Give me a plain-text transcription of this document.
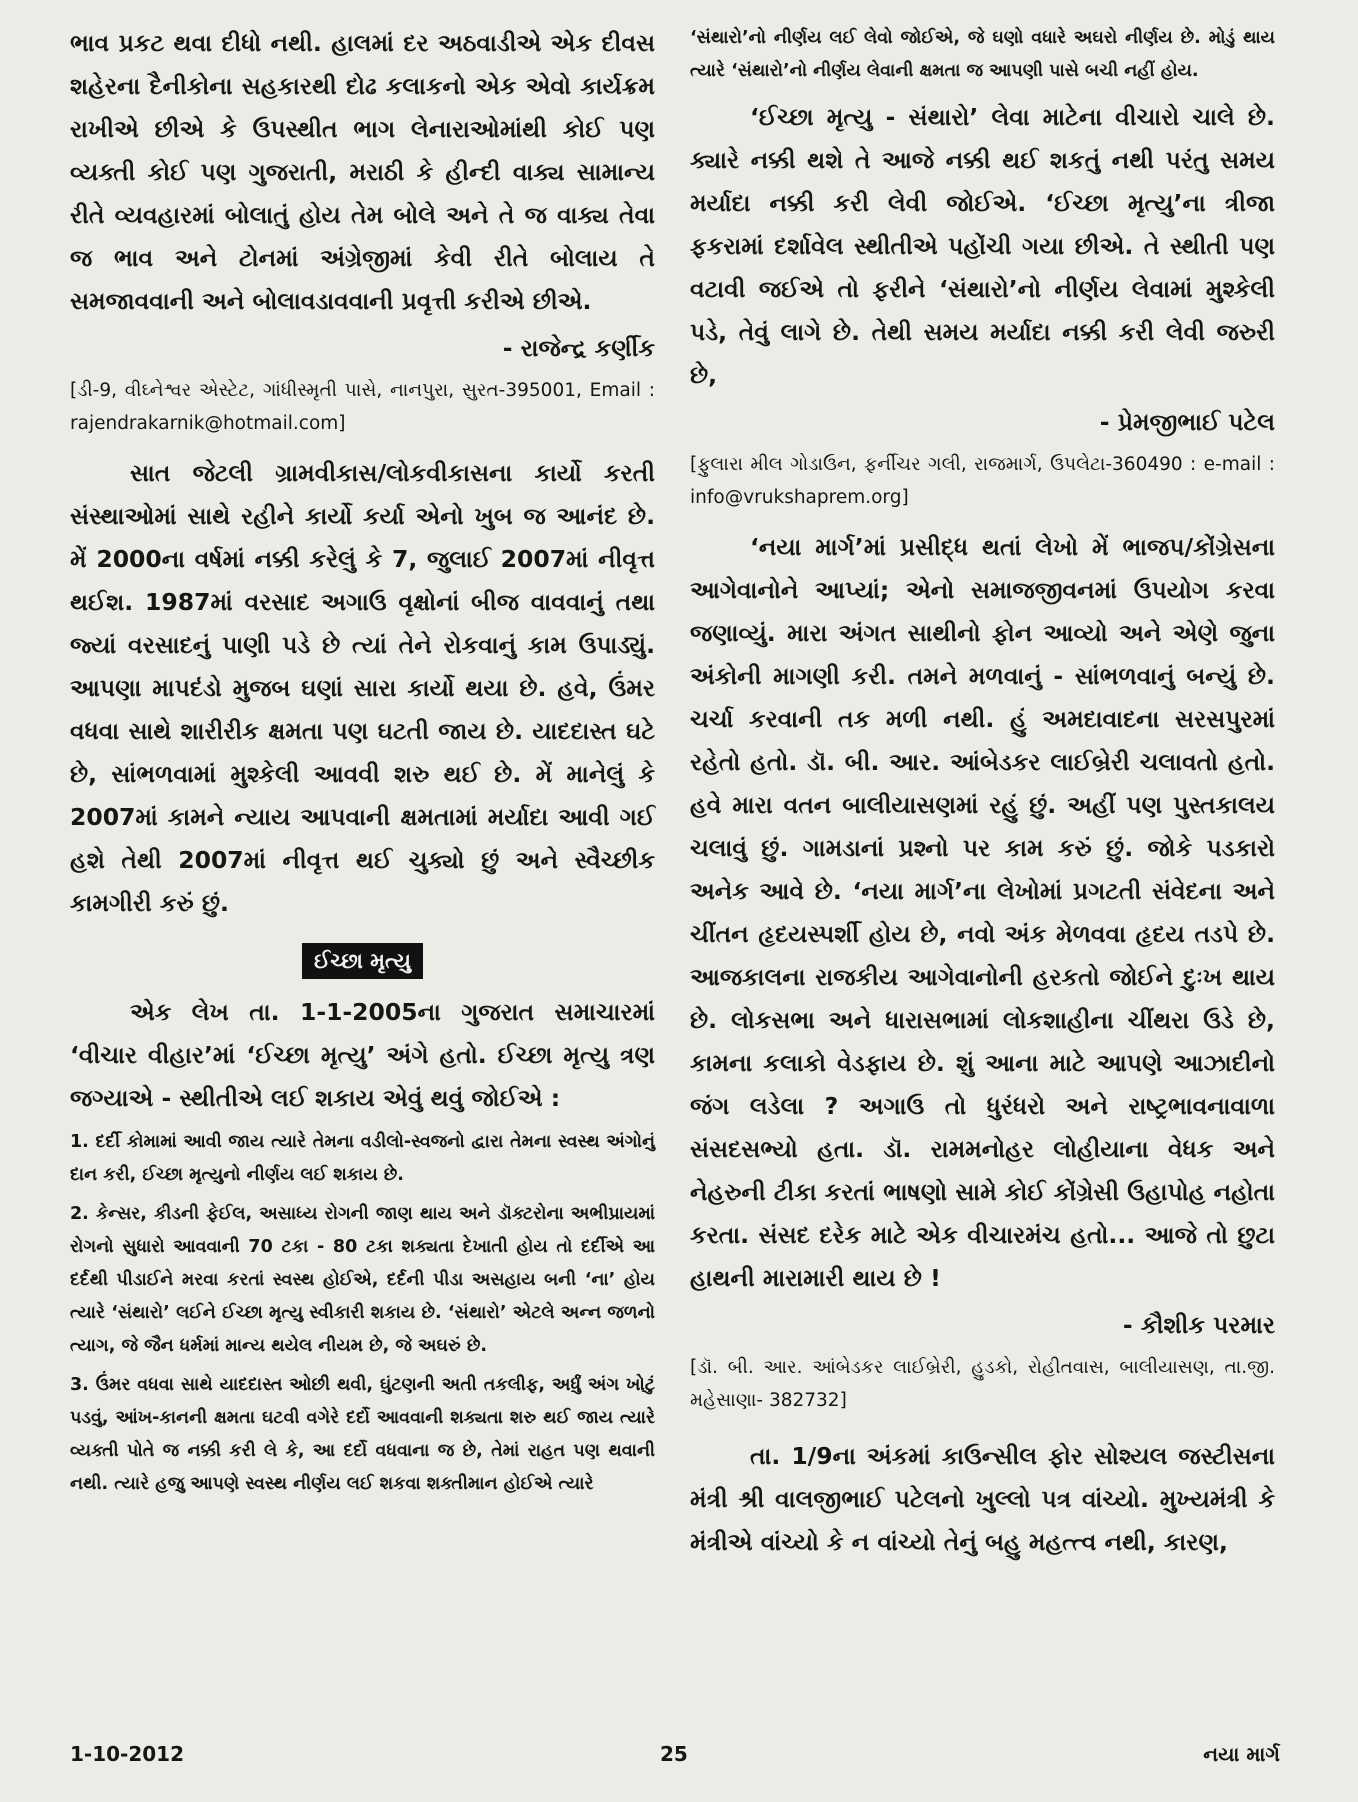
ભાવ પ્રકટ થવા દીધો નથી. હાલમાં દર અઠવાડીએ એક દીવસ શહેરના દૈનીકોના સહકારથી દોઢ કલાકનો એક એવો કાર્યક્રમ રાખીએ છીએ કે ઉપસ્થીત ભાગ લેનારાઓમાંથી કોઈ પણ વ્યક્તી કોઈ પણ ગુજરાતી, મરાઠી કે હીન્દી વાક્ય સામાન્ય રીતે વ્યવહારમાં બોલાતું હોય તેમ બોલે અને તે જ વાક્ય તેવા જ ભાવ અને ટોનમાં અંગ્રેજીમાં કેવી રીતે બોલાય તે સમજાવવાની અને બોલાવડાવવાની પ્રવૃત્તી કરીએ છીએ.

- રાજેન્દ્ર કર્ણીક

[ડી-9, વીઘ્નેશ્વર એસ્ટેટ, ગાંધીસ્મૃતી પાસે, નાનપુરા, સુરત-395001, Email : rajendrakarnik@hotmail.com]

સાત જેટલી ગ્રામવીકાસ/લોકવીકાસના કાર્યો કરતી સંસ્થાઓમાં સાથે રહીને કાર્યો કર્યા એનો ખુબ જ આનંદ છે. મેં 2000ના વર્ષમાં નક્કી કરેલું કે 7, જુલાઈ 2007માં નીવૃત્ત થઈશ. 1987માં વરસાદ અગાઉ વૃક્ષોનાં બીજ વાવવાનું તથા જ્યાં વરસાદનું પાણી પડે છે ત્યાં તેને રોકવાનું કામ ઉપાડ્યું. આપણા માપદંડો મુજબ ઘણાં સારા કાર્યો થયા છે. હવે, ઉંમર વધવા સાથે શારીરીક ક્ષમતા પણ ઘટતી જાય છે. યાદદાસ્ત ઘટે છે, સાંભળવામાં મુશ્કેલી આવવી શરુ થઈ છે. મેં માનેલું કે 2007માં કામને ન્યાય આપવાની ક્ષમતામાં મર્યાદા આવી ગઈ હશે તેથી 2007માં નીવૃત્ત થઈ ચુક્યો છું અને સ્વૈચ્છીક કામગીરી કરું છું.

ઈચ્છા મૃત્યુ

એક લેખ તા. 1-1-2005ના ગુજરાત સમાચારમાં ‘વીચાર વીહાર’માં ‘ઈચ્છા મૃત્યુ’ અંગે હતો. ઈચ્છા મૃત્યુ ત્રણ જગ્યાએ - સ્થીતીએ લઈ શકાય એવું થવું જોઈએ :

1. દર્દી કોમામાં આવી જાય ત્યારે તેમના વડીલો-સ્વજનો દ્વારા તેમના સ્વસ્થ અંગોનું દાન કરી, ઈચ્છા મૃત્યુનો નીર્ણય લઈ શકાય છે.

2. કેન્સર, કીડની ફેઈલ, અસાધ્ય રોગની જાણ થાય અને ડૉક્ટરોના અભીપ્રાયમાં રોગનો સુધારો આવવાની 70 ટકા - 80 ટકા શક્યતા દેખાતી હોય તો દર્દીએ આ દર્દથી પીડાઈને મરવા કરતાં સ્વસ્થ હોઈએ, દર્દની પીડા અસહાય બની ‘ના’ હોય ત્યારે ‘સંથારો’ લઈને ઈચ્છા મૃત્યુ સ્વીકારી શકાય છે. ‘સંથારો’ એટલે અન્ન જળનો ત્યાગ, જે જૈન ધર્મમાં માન્ય થયેલ નીયમ છે, જે અઘરું છે.

3. ઉંમર વધવા સાથે યાદદાસ્ત ઓછી થવી, ઘુંટણની અતી તકલીફ, અર્ધું અંગ ખોટું પડવું, આંખ-કાનની ક્ષમતા ઘટવી વગેરે દર્દો આવવાની શક્યતા શરુ થઈ જાય ત્યારે વ્યક્તી પોતે જ નક્કી કરી લે કે, આ દર્દો વધવાના જ છે, તેમાં રાહત પણ થવાની નથી. ત્યારે હજુ આપણે સ્વસ્થ નીર્ણય લઈ શકવા શક્તીમાન હોઈએ ત્યારે

‘સંથારો’નો નીર્ણય લઈ લેવો જોઈએ, જે ઘણો વધારે અઘરો નીર્ણય છે. મોડું થાય ત્યારે ‘સંથારો’નો નીર્ણય લેવાની ક્ષમતા જ આપણી પાસે બચી નહીં હોય.

‘ઈચ્છા મૃત્યુ - સંથારો’ લેવા માટેના વીચારો ચાલે છે. ક્યારે નક્કી થશે તે આજે નક્કી થઈ શકતું નથી પરંતુ સમય મર્યાદા નક્કી કરી લેવી જોઈએ. ‘ઈચ્છા મૃત્યુ’ના ત્રીજા ફકરામાં દર્શાવેલ સ્થીતીએ પહોંચી ગયા છીએ. તે સ્થીતી પણ વટાવી જઈએ તો ફરીને ‘સંથારો’નો નીર્ણય લેવામાં મુશ્કેલી પડે, તેવું લાગે છે. તેથી સમય મર્યાદા નક્કી કરી લેવી જરુરી છે,

- પ્રેમજીભાઈ પટેલ

[ફુલારા મીલ ગોડાઉન, ફર્નીચર ગલી, રાજમાર્ગ, ઉપલેટા-360490 : e-mail : info@vrukshaprem.org]

‘નયા માર્ગ’માં પ્રસીદ્ધ થતાં લેખો મેં ભાજપ/કોંગ્રેસના આગેવાનોને આપ્યાં; એનો સમાજજીવનમાં ઉપયોગ કરવા જણાવ્યું. મારા અંગત સાથીનો ફોન આવ્યો અને એણે જુના અંકોની માગણી કરી. તમને મળવાનું - સાંભળવાનું બન્યું છે. ચર્ચા કરવાની તક મળી નથી. હું અમદાવાદના સરસપુરમાં રહેતો હતો. ડૉ. બી. આર. આંબેડકર લાઈબ્રેરી ચલાવતો હતો. હવે મારા વતન બાલીયાસણમાં રહું છું. અહીં પણ પુસ્તકાલય ચલાવું છું. ગામડાનાં પ્રશ્નો પર કામ કરું છું. જોકે પડકારો અનેક આવે છે. ‘નયા માર્ગ’ના લેખોમાં પ્રગટતી સંવેદના અને ચીંતન હૃદયસ્પર્શી હોય છે, નવો અંક મેળવવા હૃદય તડપે છે. આજકાલના રાજકીય આગેવાનોની હરકતો જોઈને દુઃખ થાય છે. લોકસભા અને ધારાસભામાં લોકશાહીના ચીંથરા ઉડે છે, કામના કલાકો વેડફાય છે. શું આના માટે આપણે આઝાદીનો જંગ લડેલા ? અગાઉ તો ધુરંધરો અને રાષ્ટ્રભાવનાવાળા સંસદસભ્યો હતા. ડૉ. રામમનોહર લોહીયાના વેધક અને નેહરુની ટીકા કરતાં ભાષણો સામે કોઈ કોંગ્રેસી ઉહાપોહ નહોતા કરતા. સંસદ દરેક માટે એક વીચારમંચ હતો... આજે તો છુટા હાથની મારામારી થાય છે !

- કૌશીક પરમાર

[ડૉ. બી. આર. આંબેડકર લાઈબ્રેરી, હુડકો, રોહીતવાસ, બાલીયાસણ, તા.જી. મહેસાણા- 382732]

તા. 1/9ના અંકમાં કાઉન્સીલ ફોર સોશ્યલ જસ્ટીસના મંત્રી શ્રી વાલજીભાઈ પટેલનો ખુલ્લો પત્ર વાંચ્યો. મુખ્યમંત્રી કે મંત્રીએ વાંચ્યો કે ન વાંચ્યો તેનું બહુ મહત્ત્વ નથી, કારણ,

1-10-2012	25	નયા માર્ગ
